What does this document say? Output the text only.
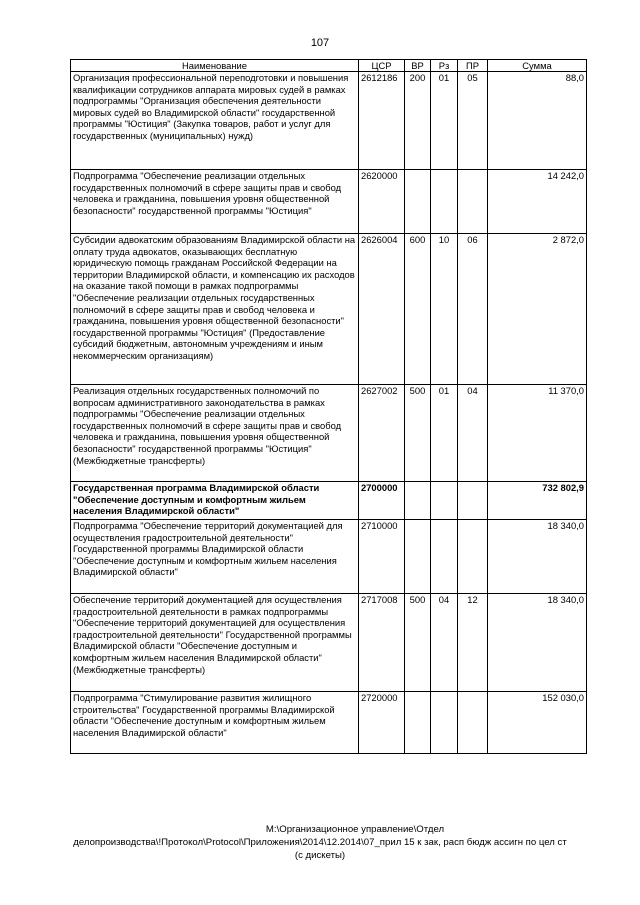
107
Наименование	ЦСР	ВР	Рз	ПР	Сумма
Организация профессиональной переподготовки и повышения квалификации сотрудников аппарата мировых судей в рамках подпрограммы "Организация обеспечения деятельности мировых судей во Владимирской области" государственной программы "Юстиция" (Закупка товаров, работ и услуг для государственных (муниципальных) нужд)	2612186	200	01	05	88,0
Подпрограмма "Обеспечение реализации отдельных государственных полномочий в сфере защиты прав и свобод человека и гражданина, повышения уровня общественной безопасности" государственной программы "Юстиция"	2620000				14 242,0
Субсидии адвокатским образованиям Владимирской области на оплату труда адвокатов, оказывающих бесплатную юридическую помощь гражданам Российской Федерации на территории Владимирской области, и компенсацию их расходов на оказание такой помощи в рамках подпрограммы "Обеспечение реализации отдельных государственных полномочий в сфере защиты прав и свобод человека и гражданина, повышения уровня общественной безопасности" государственной программы "Юстиция" (Предоставление субсидий бюджетным, автономным учреждениям и иным некоммерческим организациям)	2626004	600	10	06	2 872,0
Реализация отдельных государственных полномочий по вопросам административного законодательства в рамках подпрограммы "Обеспечение реализации отдельных государственных полномочий в сфере защиты прав и свобод человека и гражданина, повышения уровня общественной безопасности" государственной программы "Юстиция" (Межбюджетные трансферты)	2627002	500	01	04	11 370,0
Государственная программа Владимирской области "Обеспечение доступным и комфортным жильем населения Владимирской области"	2700000				732 802,9
Подпрограмма "Обеспечение территорий документацией для осуществления градостроительной деятельности" Государственной программы Владимирской области "Обеспечение доступным и комфортным жильем населения Владимирской области"	2710000				18 340,0
Обеспечение территорий документацией для осуществления градостроительной деятельности в рамках подпрограммы "Обеспечение территорий документацией для осуществления градостроительной деятельности" Государственной программы Владимирской области "Обеспечение доступным и комфортным жильем населения Владимирской области" (Межбюджетные трансферты)	2717008	500	04	12	18 340,0
Подпрограмма "Стимулирование развития жилищного строительства" Государственной программы Владимирской области "Обеспечение доступным и комфортным жильем населения Владимирской области"	2720000				152 030,0
M:\Организационное управление\Отдел
делопроизводства\!Протокол\Protocol\Приложения\2014\12.2014\07_прил 15 к зак, расп бюдж ассигн по цел ст
(с дискеты)
